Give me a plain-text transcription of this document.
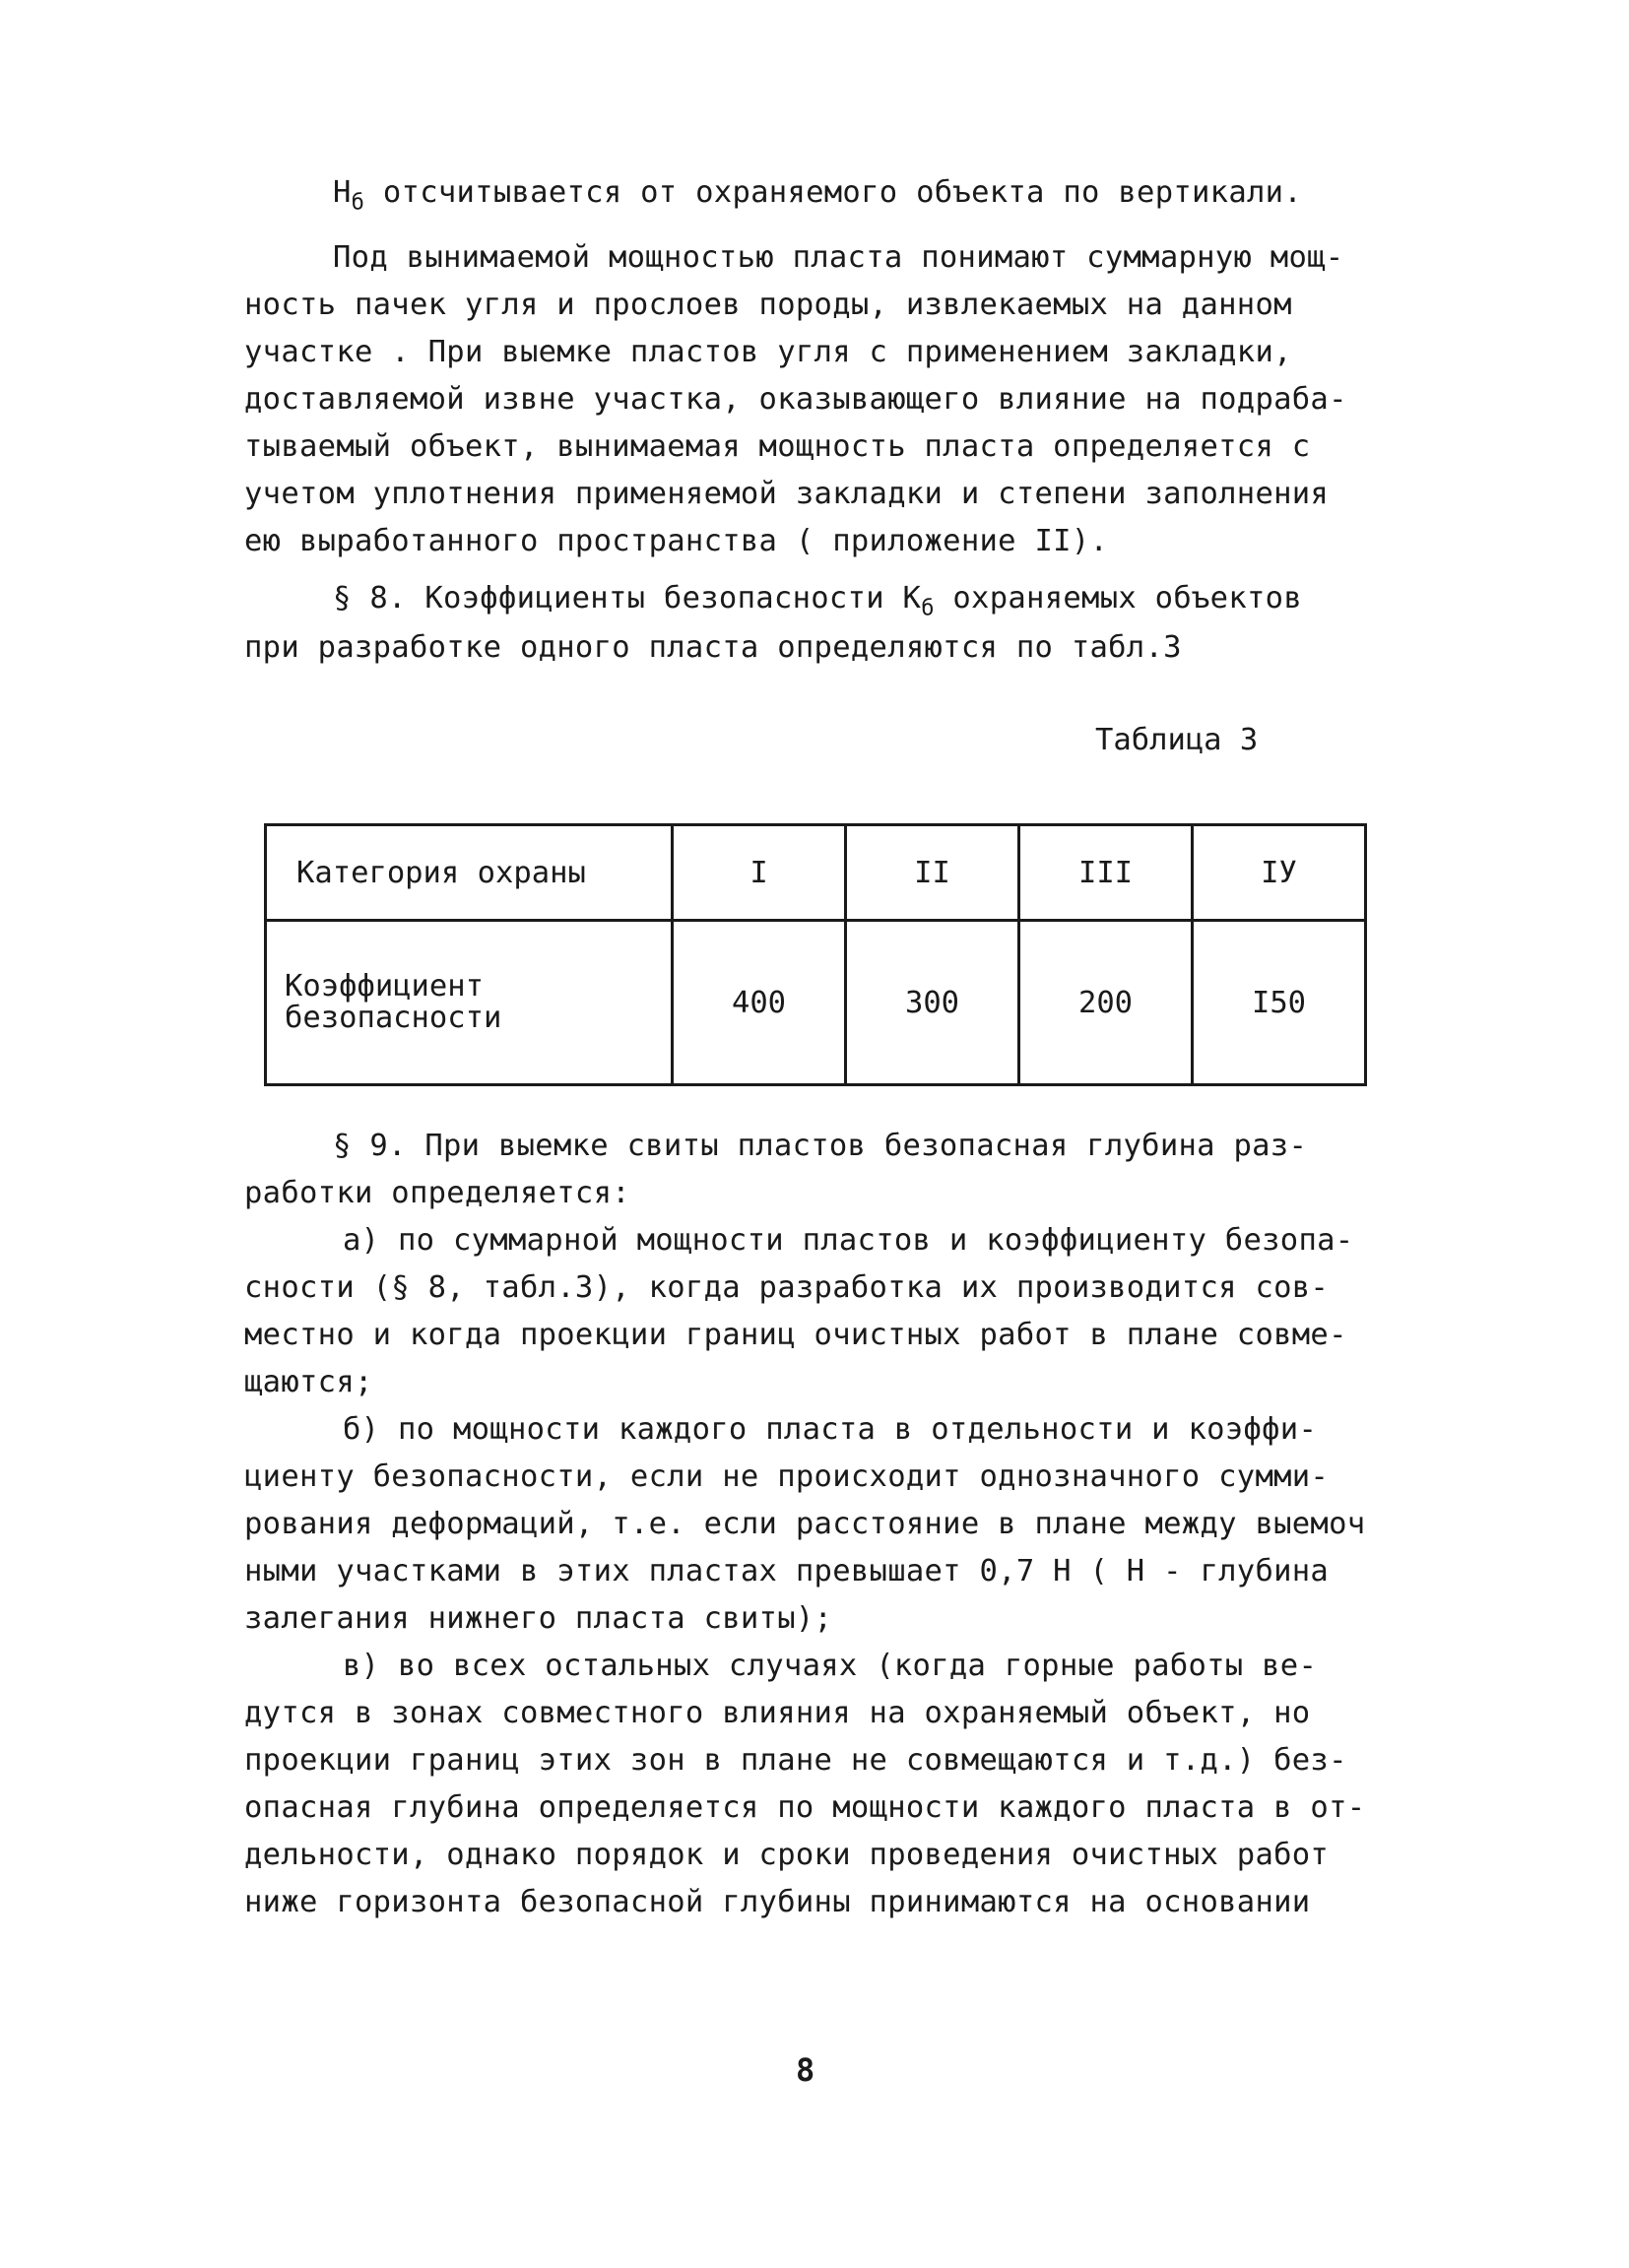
$Н_б$ отсчитывается от охраняемого объекта по вертикали.
Под вынимаемой мощностью пласта понимают суммарную мощ-
ность пачек угля и прослоев породы, извлекаемых на данном
участке . При выемке пластов угля с применением закладки,
доставляемой извне участка, оказывающего влияние на подраба-
тываемый объект, вынимаемая мощность пласта определяется с
учетом уплотнения применяемой закладки и степени заполнения
ею выработанного пространства ( приложение II).
§ 8. Коэффициенты безопасности $К_б$ охраняемых объектов
при разработке одного пласта определяются по табл.3
Таблица 3
Категория охраны	I	II	III	IУ

Коэффициент
безопасности	400	300	200	I50
§ 9. При выемке свиты пластов безопасная глубина раз-
работки определяется:
а) по суммарной мощности пластов и коэффициенту безопа-
сности (§ 8, табл.3), когда разработка их производится сов-
местно и когда проекции границ очистных работ в плане совме-
щаются;
б) по мощности каждого пласта в отдельности и коэффи-
циенту безопасности, если не происходит однозначного сумми-
рования деформаций, т.е. если расстояние в плане между выемоч
ными участками в этих пластах превышает 0,7 Н ( Н - глубина
залегания нижнего пласта свиты);
в) во всех остальных случаях (когда горные работы ве-
дутся в зонах совместного влияния на охраняемый объект, но
проекции границ этих зон в плане не совмещаются и т.д.) без-
опасная глубина определяется по мощности каждого пласта в от-
дельности, однако порядок и сроки проведения очистных работ
ниже горизонта безопасной глубины принимаются на основании
8
